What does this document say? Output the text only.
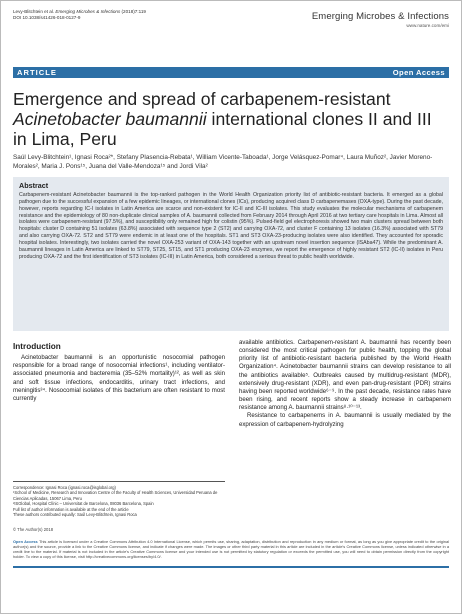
Levy-Blitchtein et al. Emerging Microbes & Infections (2018)7:119
DOI 10.1038/s41426-018-0127-9	Emerging Microbes & Infections
www.nature.com/emi
ARTICLE	Open Access
Emergence and spread of carbapenem-resistant Acinetobacter baumannii international clones II and III in Lima, Peru
Saúl Levy-Blitchtein¹, Ignasi Roca²*, Stefany Plasencia-Rebata¹, William Vicente-Taboada¹, Jorge Velásquez-Pomar⁴, Laura Muñoz², Javier Moreno-Morales², Maria J. Pons¹⁵, Juana del Valle-Mendoza¹⁵ and Jordi Vila²
Abstract

Carbapenem-resistant Acinetobacter baumannii is the top-ranked pathogen in the World Health Organization priority list of antibiotic-resistant bacteria. It emerged as a global pathogen due to the successful expansion of a few epidemic lineages, or international clones (ICs), producing acquired class D carbapenemases (OXA-type). During the past decade, however, reports regarding IC-I isolates in Latin America are scarce and non-existent for IC-II and IC-III isolates. This study evaluates the molecular mechanisms of carbapenem resistance and the epidemiology of 80 non-duplicate clinical samples of A. baumannii collected from February 2014 through April 2016 at two tertiary care hospitals in Lima. Almost all isolates were carbapenem-resistant (97.5%), and susceptibility only remained high for colistin (95%). Pulsed-field gel electrophoresis showed two main clusters spread between both hospitals: cluster D containing 51 isolates (63.8%) associated with sequence type 2 (ST2) and carrying OXA-72, and cluster F containing 13 isolates (16.3%) associated with ST79 and also carrying OXA-72. ST2 and ST79 were endemic in at least one of the hospitals. ST1 and ST3 OXA-23-producing isolates were also identified. They accounted for sporadic hospital isolates. Interestingly, two isolates carried the novel OXA-253 variant of OXA-143 together with an upstream novel insertion sequence (ISAba47). While the predominant A. baumannii lineages in Latin America are linked to ST79, ST25, ST15, and ST1 producing OXA-23 enzymes, we report the emergence of highly resistant ST2 (IC-II) isolates in Peru producing OXA-72 and the first identification of ST3 isolates (IC-III) in Latin America, both considered a serious threat to public health worldwide.

Introduction

Acinetobacter baumannii is an opportunistic nosocomial pathogen responsible for a broad range of nosocomial infections¹, including ventilator-associated pneumonia and bacteremia (35–52% mortality)¹², as well as skin and soft tissue infections, endocarditis, urinary tract infections, and meningitis³⁴. Nosocomial isolates of this bacterium are often resistant to most currently

available antibiotics. Carbapenem-resistant A. baumannii has recently been considered the most critical pathogen for public health, topping the global priority list of antibiotic-resistant bacteria published by the World Health Organization⁴. Acinetobacter baumannii strains can develop resistance to all the antibiotics available⁵. Outbreaks caused by multidrug-resistant (MDR), extensively drug-resistant (XDR), and even pan-drug-resistant (PDR) strains having been reported worldwide⁶⁻⁹. In the past decade, resistance rates have been rising, and recent reports show a steady increase in carbapenem resistance among A. baumannii strains⁸·¹⁰⁻¹³.

Resistance to carbapenems in A. baumannii is usually mediated by the expression of carbapenem-hydrolyzing

Correspondence: Ignasi Roca (ignasi.roca@isglobal.org)
¹School of Medicine, Research and Innovation Centre of the Faculty of Health Sciences, Universidad Peruana de Ciencias Aplicadas, 15067 Lima, Peru
²ISGlobal, Hospital Clínic – Universitat de Barcelona, 08036 Barcelona, Spain
Full list of author information is available at the end of the article
These authors contributed equally: Saúl Levy-Blitchtein, Ignasi Roca
© The Author(s) 2018
Open Access This article is licensed under a Creative Commons Attribution 4.0 International License, which permits use, sharing, adaptation, distribution and reproduction in any medium or format, as long as you give appropriate credit to the original author(s) and the source, provide a link to the Creative Commons license, and indicate if changes were made. The images or other third party material in this article are included in the article's Creative Commons license, unless indicated otherwise in a credit line to the material. If material is not included in the article's Creative Commons license and your intended use is not permitted by statutory regulation or exceeds the permitted use, you will need to obtain permission directly from the copyright holder. To view a copy of this license, visit http://creativecommons.org/licenses/by/4.0/.
